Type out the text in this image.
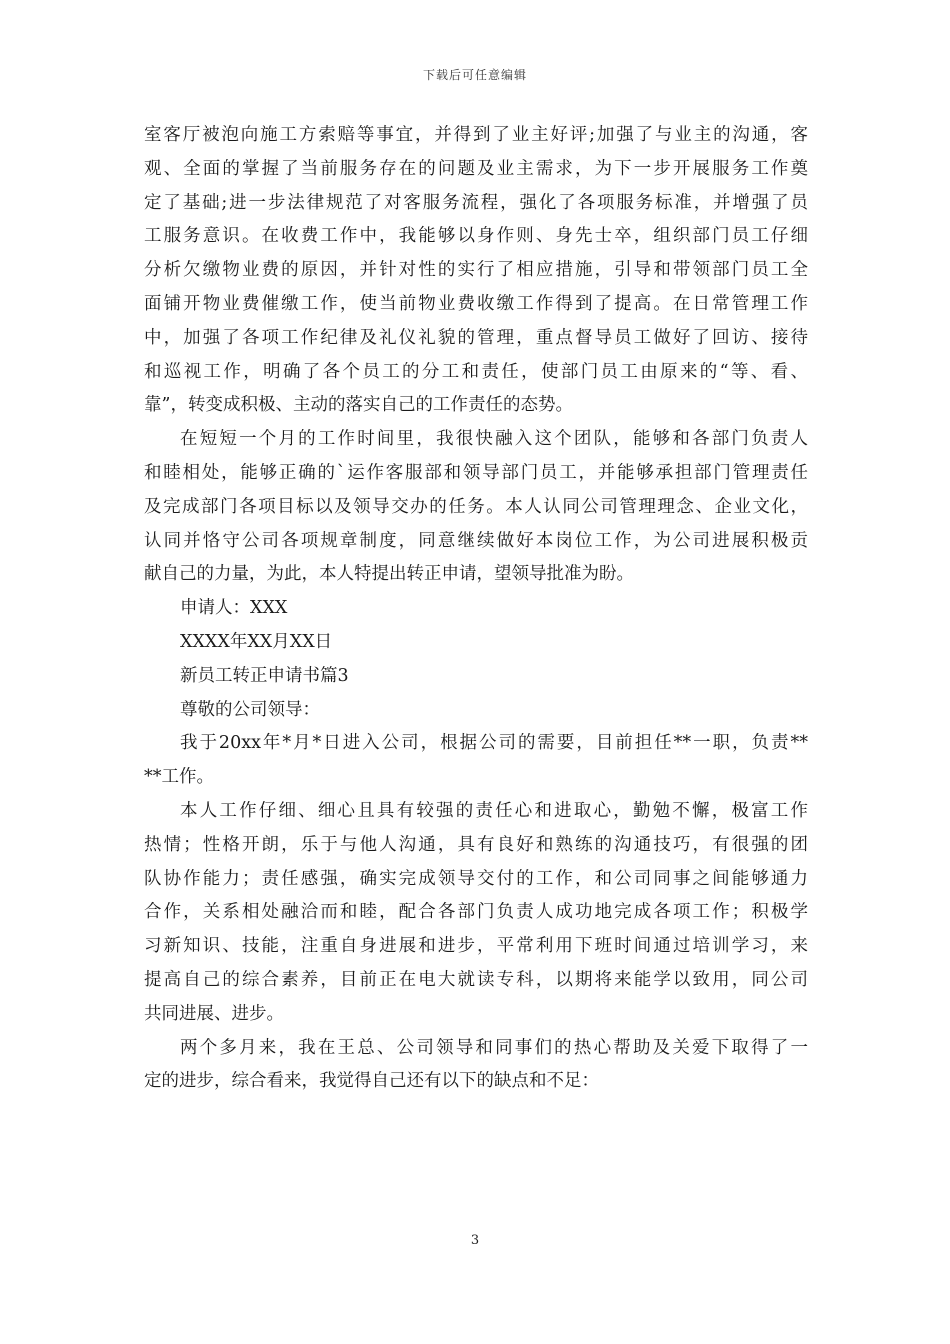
下载后可任意编辑

室客厅被泡向施工方索赔等事宜，并得到了业主好评;加强了与业主的沟通，客
观、全面的掌握了当前服务存在的问题及业主需求，为下一步开展服务工作奠
定了基础;进一步法律规范了对客服务流程，强化了各项服务标准，并增强了员
工服务意识。在收费工作中，我能够以身作则、身先士卒，组织部门员工仔细
分析欠缴物业费的原因，并针对性的实行了相应措施，引导和带领部门员工全
面铺开物业费催缴工作，使当前物业费收缴工作得到了提高。在日常管理工作
中，加强了各项工作纪律及礼仪礼貌的管理，重点督导员工做好了回访、接待
和巡视工作，明确了各个员工的分工和责任，使部门员工由原来的“等、看、
靠”，转变成积极、主动的落实自己的工作责任的态势。

在短短一个月的工作时间里，我很快融入这个团队，能够和各部门负责人
和睦相处，能够正确的`运作客服部和领导部门员工，并能够承担部门管理责任
及完成部门各项目标以及领导交办的任务。本人认同公司管理理念、企业文化，
认同并恪守公司各项规章制度，同意继续做好本岗位工作，为公司进展积极贡
献自己的力量，为此，本人特提出转正申请，望领导批准为盼。

申请人：XXX

XXXX年XX月XX日

新员工转正申请书篇3

尊敬的公司领导：

我于20xx年*月*日进入公司，根据公司的需要，目前担任**一职，负责**
**工作。

本人工作仔细、细心且具有较强的责任心和进取心，勤勉不懈，极富工作
热情；性格开朗，乐于与他人沟通，具有良好和熟练的沟通技巧，有很强的团
队协作能力；责任感强，确实完成领导交付的工作，和公司同事之间能够通力
合作，关系相处融洽而和睦，配合各部门负责人成功地完成各项工作；积极学
习新知识、技能，注重自身进展和进步，平常利用下班时间通过培训学习，来
提高自己的综合素养，目前正在电大就读专科，以期将来能学以致用，同公司
共同进展、进步。

两个多月来，我在王总、公司领导和同事们的热心帮助及关爱下取得了一
定的进步，综合看来，我觉得自己还有以下的缺点和不足：

3
